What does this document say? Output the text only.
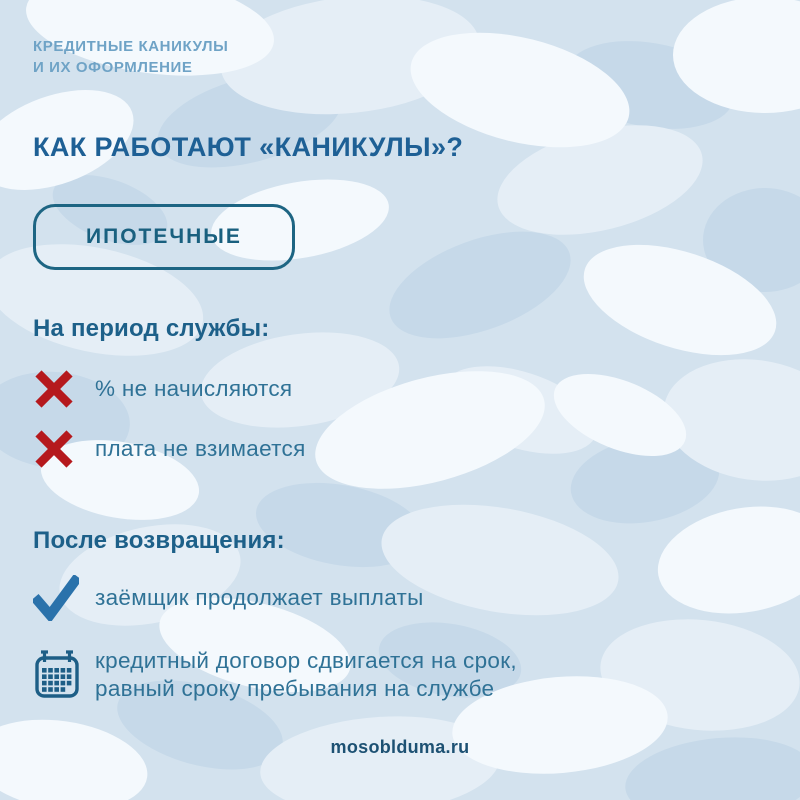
КРЕДИТНЫЕ КАНИКУЛЫ
И ИХ ОФОРМЛЕНИЕ
КАК РАБОТАЮТ «КАНИКУЛЫ»?
ИПОТЕЧНЫЕ
На период службы:
% не начисляются
плата не взимается
После возвращения:
заёмщик продолжает выплаты
кредитный договор сдвигается на срок,
равный сроку пребывания на службе
mosoblduma.ru
